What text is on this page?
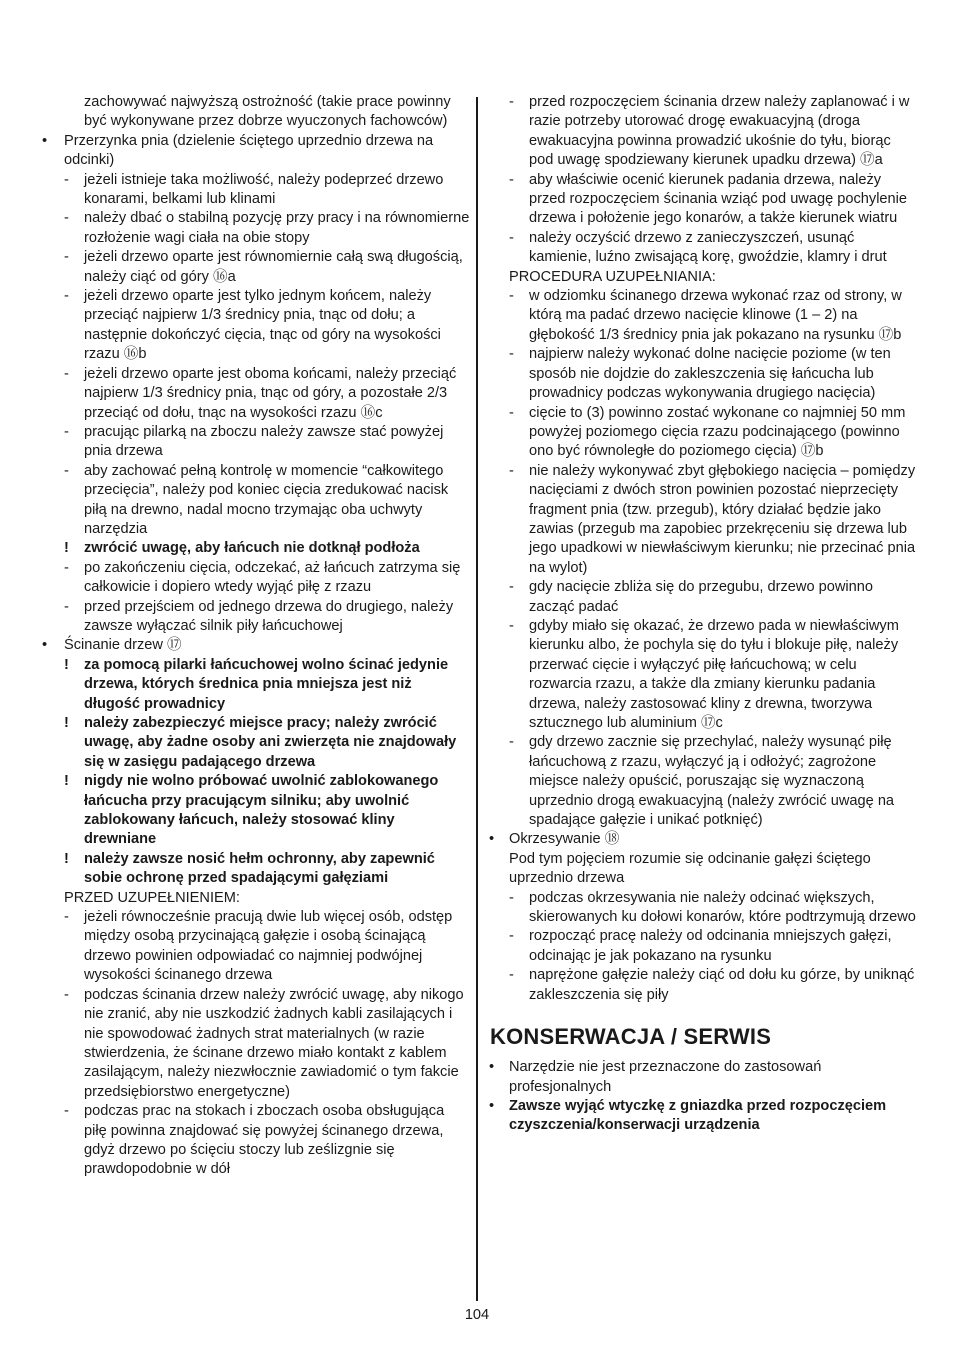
zachowywać najwyższą ostrożność (takie prace powinny być wykonywane przez dobrze wyuczonych fachowców)
• Przerzynka pnia (dzielenie ściętego uprzednio drzewa na odcinki)
- jeżeli istnieje taka możliwość, należy podeprzeć drzewo konarami, belkami lub klinami
- należy dbać o stabilną pozycję przy pracy i na równomierne rozłożenie wagi ciała na obie stopy
- jeżeli drzewo oparte jest równomiernie całą swą długością, należy ciąć od góry ⑯a
- jeżeli drzewo oparte jest tylko jednym końcem, należy przeciąć najpierw 1/3 średnicy pnia, tnąc od dołu; a następnie dokończyć cięcia, tnąc od góry na wysokości rzazu ⑯b
- jeżeli drzewo oparte jest oboma końcami, należy przeciąć najpierw 1/3 średnicy pnia, tnąc od góry, a pozostałe 2/3 przeciąć od dołu, tnąc na wysokości rzazu ⑯c
- pracując pilarką na zboczu należy zawsze stać powyżej pnia drzewa
- aby zachować pełną kontrolę w momencie “całkowitego przecięcia”, należy pod koniec cięcia zredukować nacisk piłą na drewno, nadal mocno trzymając oba uchwyty narzędzia
! zwrócić uwagę, aby łańcuch nie dotknął podłoża
- po zakończeniu cięcia, odczekać, aż łańcuch zatrzyma się całkowicie i dopiero wtedy wyjąć piłę z rzazu
- przed przejściem od jednego drzewa do drugiego, należy zawsze wyłączać silnik piły łańcuchowej
• Ścinanie drzew ⑰
! za pomocą pilarki łańcuchowej wolno ścinać jedynie drzewa, których średnica pnia mniejsza jest niż długość prowadnicy
! należy zabezpieczyć miejsce pracy; należy zwrócić uwagę, aby żadne osoby ani zwierzęta nie znajdowały się w zasięgu padającego drzewa
! nigdy nie wolno próbować uwolnić zablokowanego łańcucha przy pracującym silniku; aby uwolnić zablokowany łańcuch, należy stosować kliny drewniane
! należy zawsze nosić hełm ochronny, aby zapewnić sobie ochronę przed spadającymi gałęziami
PRZED UZUPEŁNIENIEM:
- jeżeli równocześnie pracują dwie lub więcej osób, odstęp między osobą przycinającą gałęzie i osobą ścinającą drzewo powinien odpowiadać co najmniej podwójnej wysokości ścinanego drzewa
- podczas ścinania drzew należy zwrócić uwagę, aby nikogo nie zranić, aby nie uszkodzić żadnych kabli zasilających i nie spowodować żadnych strat materialnych (w razie stwierdzenia, że ścinane drzewo miało kontakt z kablem zasilającym, należy niezwłocznie zawiadomić o tym fakcie przedsiębiorstwo energetyczne)
- podczas prac na stokach i zboczach osoba obsługująca piłę powinna znajdować się powyżej ścinanego drzewa, gdyż drzewo po ścięciu stoczy lub ześlizgnie się prawdopodobnie w dół
- przed rozpoczęciem ścinania drzew należy zaplanować i w razie potrzeby utorować drogę ewakuacyjną (droga ewakuacyjna powinna prowadzić ukośnie do tyłu, biorąc pod uwagę spodziewany kierunek upadku drzewa) ⑰a
- aby właściwie ocenić kierunek padania drzewa, należy przed rozpoczęciem ścinania wziąć pod uwagę pochylenie drzewa i położenie jego konarów, a także kierunek wiatru
- należy oczyścić drzewo z zanieczyszczeń, usunąć kamienie, luźno zwisającą korę, gwoździe, klamry i drut
PROCEDURA UZUPEŁNIANIA:
- w odziomku ścinanego drzewa wykonać rzaz od strony, w którą ma padać drzewo nacięcie klinowe (1 – 2) na głębokość 1/3 średnicy pnia jak pokazano na rysunku ⑰b
- najpierw należy wykonać dolne nacięcie poziome (w ten sposób nie dojdzie do zakleszczenia się łańcucha lub prowadnicy podczas wykonywania drugiego nacięcia)
- cięcie to (3) powinno zostać wykonane co najmniej 50 mm powyżej poziomego cięcia rzazu podcinającego (powinno ono być równoległe do poziomego cięcia) ⑰b
- nie należy wykonywać zbyt głębokiego nacięcia – pomiędzy nacięciami z dwóch stron powinien pozostać nieprzecięty fragment pnia (tzw. przegub), który działać będzie jako zawias (przegub ma zapobiec przekręceniu się drzewa lub jego upadkowi w niewłaściwym kierunku; nie przecinać pnia na wylot)
- gdy nacięcie zbliża się do przegubu, drzewo powinno zacząć padać
- gdyby miało się okazać, że drzewo pada w niewłaściwym kierunku albo, że pochyla się do tyłu i blokuje piłę, należy przerwać cięcie i wyłączyć piłę łańcuchową; w celu rozwarcia rzazu, a także dla zmiany kierunku padania drzewa, należy zastosować kliny z drewna, tworzywa sztucznego lub aluminium ⑰c
- gdy drzewo zacznie się przechylać, należy wysunąć piłę łańcuchową z rzazu, wyłączyć ją i odłożyć; zagrożone miejsce należy opuścić, poruszając się wyznaczoną uprzednio drogą ewakuacyjną (należy zwrócić uwagę na spadające gałęzie i unikać potknięć)
• Okrzesywanie ⑱
Pod tym pojęciem rozumie się odcinanie gałęzi ściętego uprzednio drzewa
- podczas okrzesywania nie należy odcinać większych, skierowanych ku dołowi konarów, które podtrzymują drzewo
- rozpocząć pracę należy od odcinania mniejszych gałęzi, odcinając je jak pokazano na rysunku
- naprężone gałęzie należy ciąć od dołu ku górze, by uniknąć zakleszczenia się piły
KONSERWACJA / SERWIS
• Narzędzie nie jest przeznaczone do zastosowań profesjonalnych
• Zawsze wyjąć wtyczkę z gniazdka przed rozpoczęciem czyszczenia/konserwacji urządzenia
104
